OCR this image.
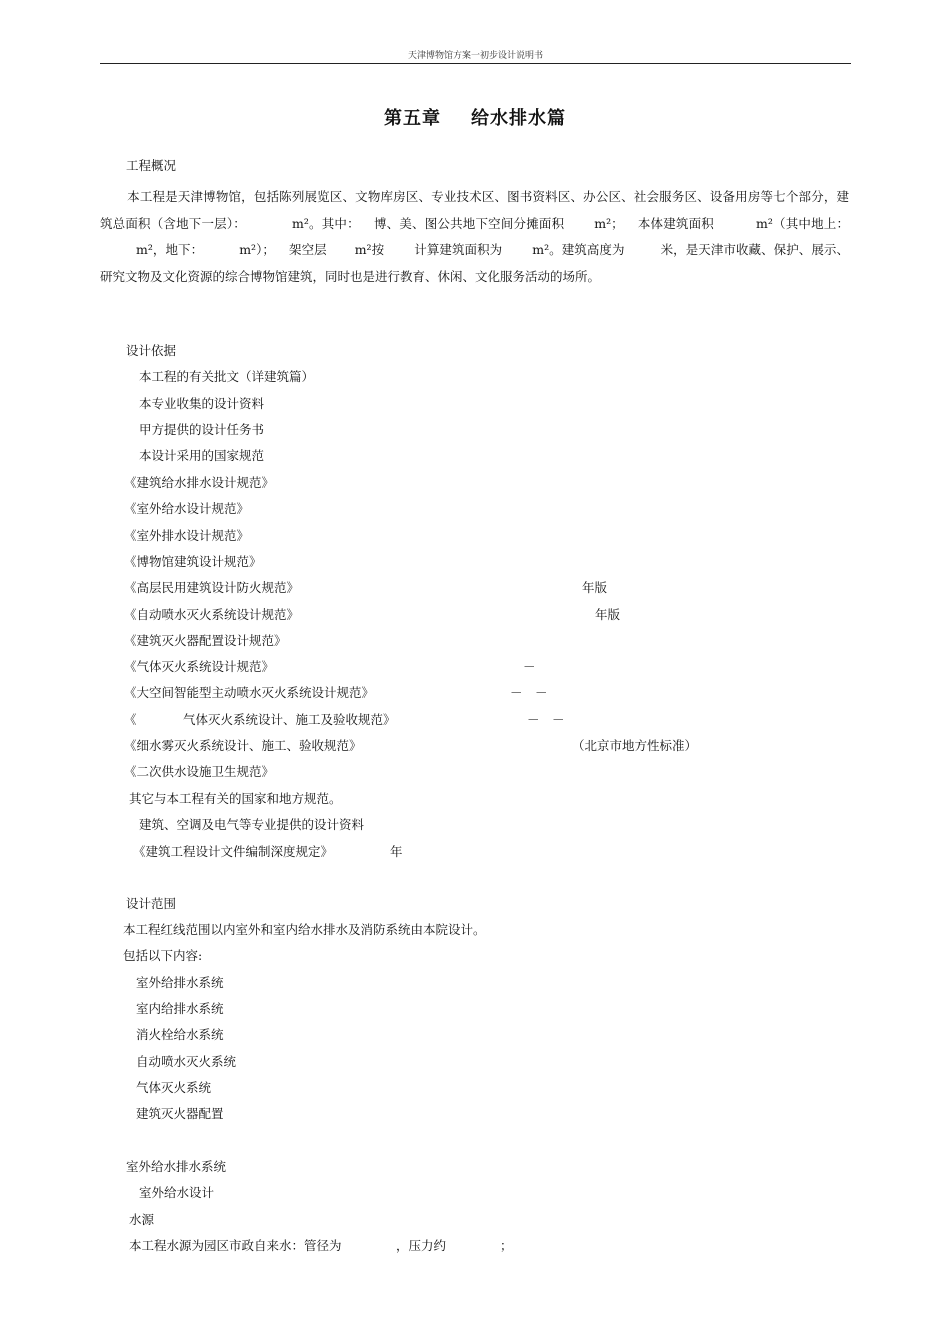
天津博物馆方案一初步设计说明书
第五章 给水排水篇
工程概况
本工程是天津博物馆，包括陈列展览区、文物库房区、专业技术区、图书资料区、办公区、社会服务区、设备用房等七个部分，建筑总面积（含地下一层）：	m²。其中： 博、美、图公共地下空间分摊面积 m²； 本体建筑面积	m²（其中地上：m²，地下：	m²）； 架空层 m²按 计算建筑面积为 m²。建筑高度为	米，是天津市收藏、保护、展示、研究文物及文化资源的综合博物馆建筑，同时也是进行教育、休闲、文化服务活动的场所。
设计依据
本工程的有关批文（详建筑篇）
本专业收集的设计资料
甲方提供的设计任务书
本设计采用的国家规范
《建筑给水排水设计规范》
《室外给水设计规范》
《室外排水设计规范》
《博物馆建筑设计规范》
《高层民用建筑设计防火规范》	年版
《自动喷水灭火系统设计规范》	年版
《建筑灭火器配置设计规范》
《气体灭火系统设计规范》	－
《大空间智能型主动喷水灭火系统设计规范》	－　－
《	气体灭火系统设计、施工及验收规范》	－　－
《细水雾灭火系统设计、施工、验收规范》	（北京市地方性标准）
《二次供水设施卫生规范》
其它与本工程有关的国家和地方规范。
建筑、空调及电气等专业提供的设计资料
《建筑工程设计文件编制深度规定》	年
设计范围
本工程红线范围以内室外和室内给水排水及消防系统由本院设计。
包括以下内容:
室外给排水系统
室内给排水系统
消火栓给水系统
自动喷水灭火系统
气体灭火系统
建筑灭火器配置
室外给水排水系统
室外给水设计
水源
本工程水源为园区市政自来水：管径为	，压力约	；
